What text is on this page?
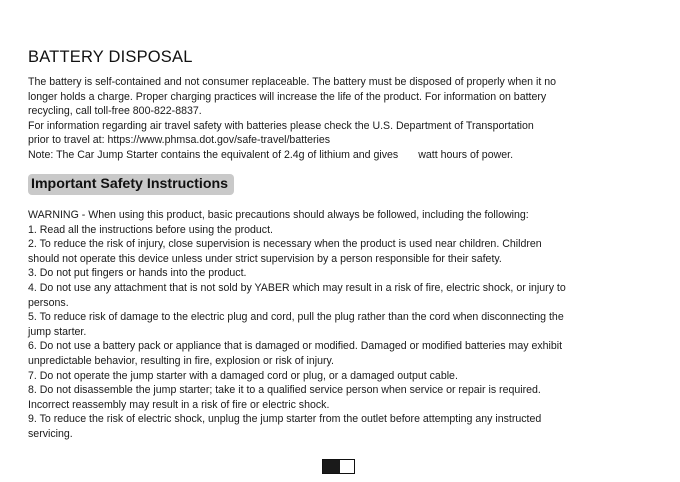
BATTERY DISPOSAL
The battery is self-contained and not consumer replaceable. The battery must be disposed of properly when it no
longer holds a charge. Proper charging practices will increase the life of the product. For information on battery
recycling, call toll-free 800-822-8837.
For information regarding air travel safety with batteries please check the U.S. Department of Transportation
prior to travel at: https://www.phmsa.dot.gov/safe-travel/batteries
Note: The Car Jump Starter contains the equivalent of 2.4g of lithium and gives watt hours of power.
Important Safety Instructions
WARNING - When using this product, basic precautions should always be followed, including the following:
1. Read all the instructions before using the product.
2. To reduce the risk of injury, close supervision is necessary when the product is used near children. Children
should not operate this device unless under strict supervision by a person responsible for their safety.
3. Do not put fingers or hands into the product.
4. Do not use any attachment that is not sold by YABER which may result in a risk of fire, electric shock, or injury to
persons.
5. To reduce risk of damage to the electric plug and cord, pull the plug rather than the cord when disconnecting the
jump starter.
6. Do not use a battery pack or appliance that is damaged or modified. Damaged or modified batteries may exhibit
unpredictable behavior, resulting in fire, explosion or risk of injury.
7. Do not operate the jump starter with a damaged cord or plug, or a damaged output cable.
8. Do not disassemble the jump starter; take it to a qualified service person when service or repair is required.
Incorrect reassembly may result in a risk of fire or electric shock.
9. To reduce the risk of electric shock, unplug the jump starter from the outlet before attempting any instructed
servicing.
